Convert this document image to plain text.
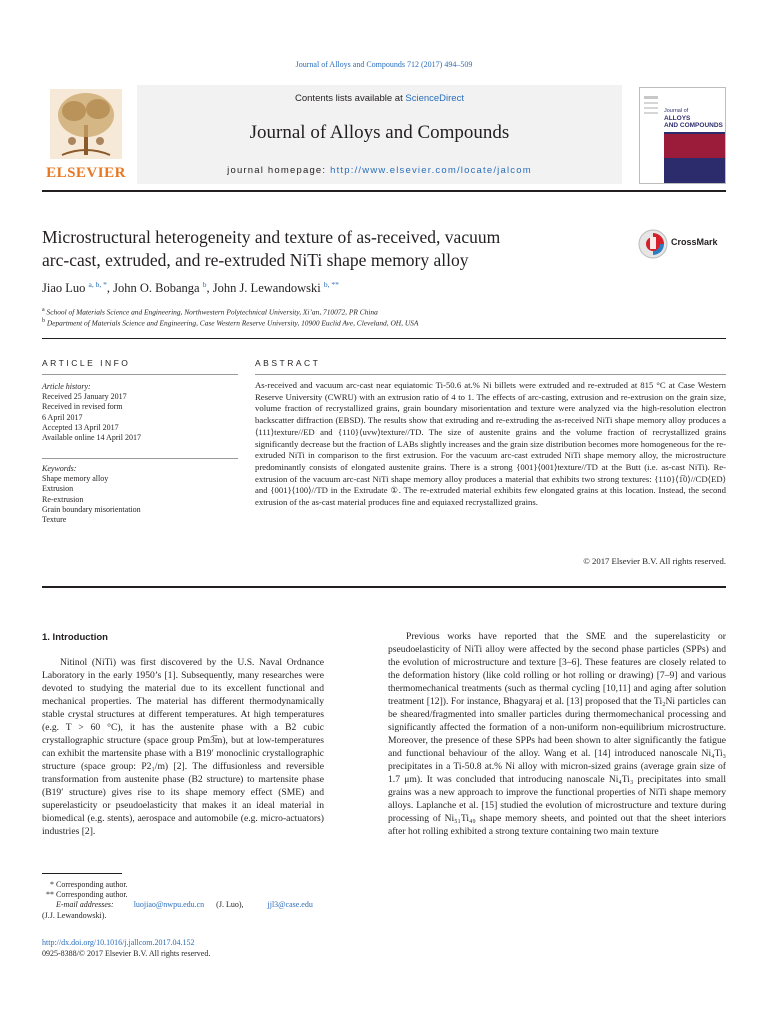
Journal of Alloys and Compounds 712 (2017) 494–509
ELSEVIER
Contents lists available at ScienceDirect
Journal of Alloys and Compounds
journal homepage: http://www.elsevier.com/locate/jalcom
Journal of
ALLOYS
AND COMPOUNDS
Microstructural heterogeneity and texture of as-received, vacuum
arc-cast, extruded, and re-extruded NiTi shape memory alloy
CrossMark
Jiao Luo $^{a, b, *}$, John O. Bobanga $^b$, John J. Lewandowski $^{b, **}$
$^a$ School of Materials Science and Engineering, Northwestern Polytechnical University, Xi’an, 710072, PR China
$^b$ Department of Materials Science and Engineering, Case Western Reserve University, 10900 Euclid Ave, Cleveland, OH, USA
ARTICLE INFO
Article history:
Received 25 January 2017
Received in revised form
6 April 2017
Accepted 13 April 2017
Available online 14 April 2017
Keywords:
Shape memory alloy
Extrusion
Re-extrusion
Grain boundary misorientation
Texture
ABSTRACT
As-received and vacuum arc-cast near equiatomic Ti-50.6 at.% Ni billets were extruded and re-extruded at 815 °C at Case Western Reserve University (CWRU) with an extrusion ratio of 4 to 1. The effects of arc-casting, extrusion and re-extrusion on the grain size, volume fraction of recrystallized grains, grain boundary misorientation and texture were analyzed via the high-resolution electron backscatter diffraction (EBSD). The results show that extruding and re-extruding the as-received NiTi shape memory alloy produces a ⟨111⟩texture//ED and {110}⟨uvw⟩texture//TD. The size of austenite grains and the volume fraction of recrystallized grains significantly decrease but the fraction of LABs slightly increases and the grain size distribution becomes more homogeneous for the re-extruded NiTi in comparison to the first extrusion. For the vacuum arc-cast extruded NiTi shape memory alloy, the microstructure predominantly consists of elongated austenite grains. There is a strong {001}⟨001⟩texture//TD at the Butt (i.e. as-cast NiTi). Re-extrusion of the vacuum arc-cast NiTi shape memory alloy produces a material that exhibits two strong textures: {110}⟨1̅0⟩//CD⟨ED⟩ and {001}⟨100⟩//TD in the Extrudate ①. The re-extruded material exhibits few elongated grains at this location. Instead, the second extrusion of the as-cast material produces fine and equiaxed recrystallized grains.
© 2017 Elsevier B.V. All rights reserved.
1. Introduction

Nitinol (NiTi) was first discovered by the U.S. Naval Ordnance Laboratory in the early 1950’s [1]. Subsequently, many researches were devoted to studying the material due to its excellent functional and mechanical properties. The material has different thermodynamically stable crystal structures at different temperatures. At high temperatures (e.g. T > 60 °C), it has the austenite phase with a B2 cubic crystallographic structure (space group Pm3̅m), but at low-temperatures can exhibit the martensite phase with a B19′ monoclinic crystallographic structure (space group: P2₁/m) [2]. The diffusionless and reversible transformation from austenite phase (B2 structure) to martensite phase (B19′ structure) gives rise to its shape memory effect (SME) and superelasticity or pseudoelasticity that makes it an ideal material in biomedical (e.g. stents), aerospace and automobile (e.g. micro-actuators) industries [2].

Previous works have reported that the SME and the superelasticity or pseudoelasticity of NiTi alloy were affected by the second phase particles (SPPs) and the evolution of microstructure and texture [3–6]. These features are closely related to the deformation history (like cold rolling or hot rolling or drawing) [7–9] and various thermomechanical treatments (such as thermal cycling [10,11] and aging after solution treatment [12]). For instance, Bhagyaraj et al. [13] proposed that the Ti₂Ni particles can be sheared/fragmented into smaller particles during thermomechanical processing and significantly affected the formation of a non-uniform non-equilibrium microstructure. Moreover, the presence of these SPPs had been shown to alter significantly the fatigue and functional behaviour of the alloy. Wang et al. [14] introduced nanoscale Ni₄Ti₃ precipitates in a Ti-50.8 at.% Ni alloy with micron-sized grains (average grain size of 1.7 μm). It was concluded that introducing nanoscale Ni₄Ti₃ precipitates into small grains was a new approach to improve the functional properties of NiTi shape memory alloys. Laplanche et al. [15] studied the evolution of microstructure and texture during processing of Ni₅₁Ti₄₉ shape memory sheets, and pointed out that the sheet interiors after hot rolling exhibited a strong texture containing two main texture

* Corresponding author.
** Corresponding author.
E-mail addresses:	luojiao@nwpu.edu.cn (J. Luo),	jjl3@case.edu
(J.J. Lewandowski).
http://dx.doi.org/10.1016/j.jallcom.2017.04.152
0925-8388/© 2017 Elsevier B.V. All rights reserved.
